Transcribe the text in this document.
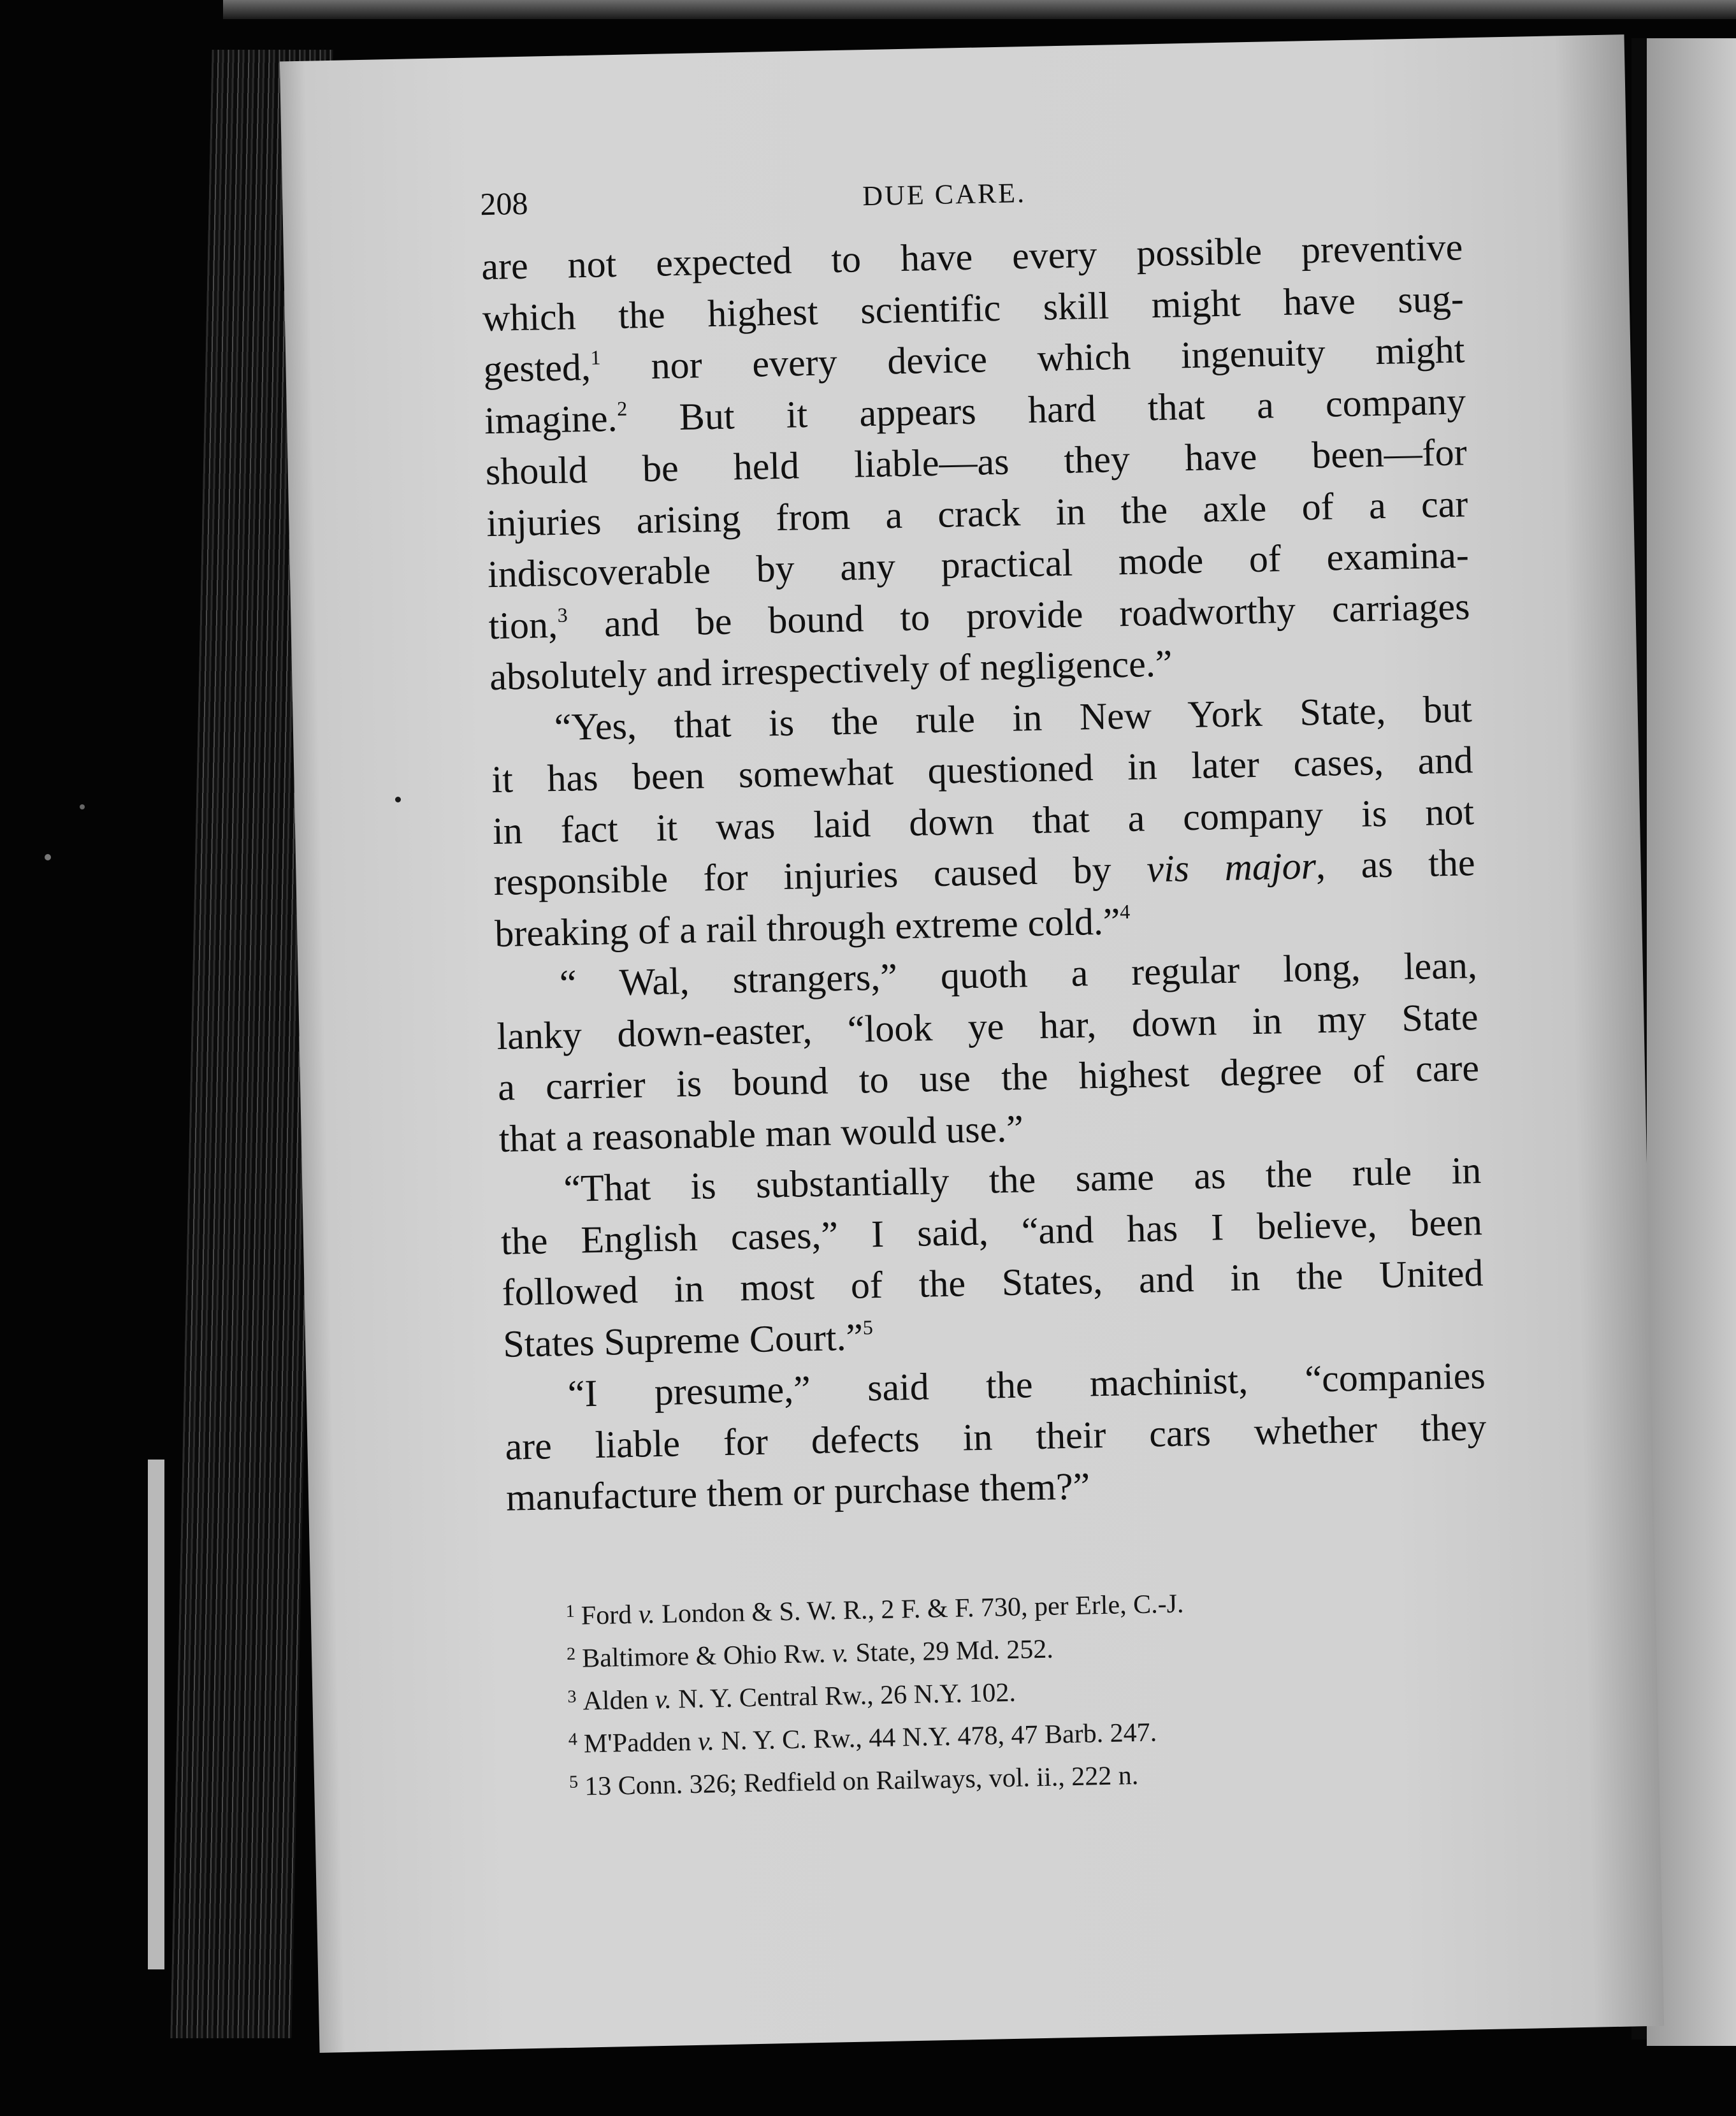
208	DUE CARE.
are not expected to have every possible preventive
which the highest scientific skill might have sug-
gested,$^1$ nor every device which ingenuity might
imagine.$^2$ But it appears hard that a company
should be held liable—as they have been—for
injuries arising from a crack in the axle of a car
indiscoverable by any practical mode of examina-
tion,$^3$ and be bound to provide roadworthy carriages
absolutely and irrespectively of negligence.”
“Yes, that is the rule in New York State, but
it has been somewhat questioned in later cases, and
in fact it was laid down that a company is not
responsible for injuries caused by vis major, as the
breaking of a rail through extreme cold.”$^4$
“ Wal, strangers,” quoth a regular long, lean,
lanky down-easter, “look ye har, down in my State
a carrier is bound to use the highest degree of care
that a reasonable man would use.”
“That is substantially the same as the rule in
the English cases,” I said, “and has I believe, been
followed in most of the States, and in the United
States Supreme Court.”$^5$
“I presume,” said the machinist, “companies
are liable for defects in their cars whether they
manufacture them or purchase them?”
$^1$ Ford v. London & S. W. R., 2 F. & F. 730, per Erle, C.-J.
$^2$ Baltimore & Ohio Rw. v. State, 29 Md. 252.
$^3$ Alden v. N. Y. Central Rw., 26 N.Y. 102.
$^4$ M'Padden v. N. Y. C. Rw., 44 N.Y. 478, 47 Barb. 247.
$^5$ 13 Conn. 326; Redfield on Railways, vol. ii., 222 n.
